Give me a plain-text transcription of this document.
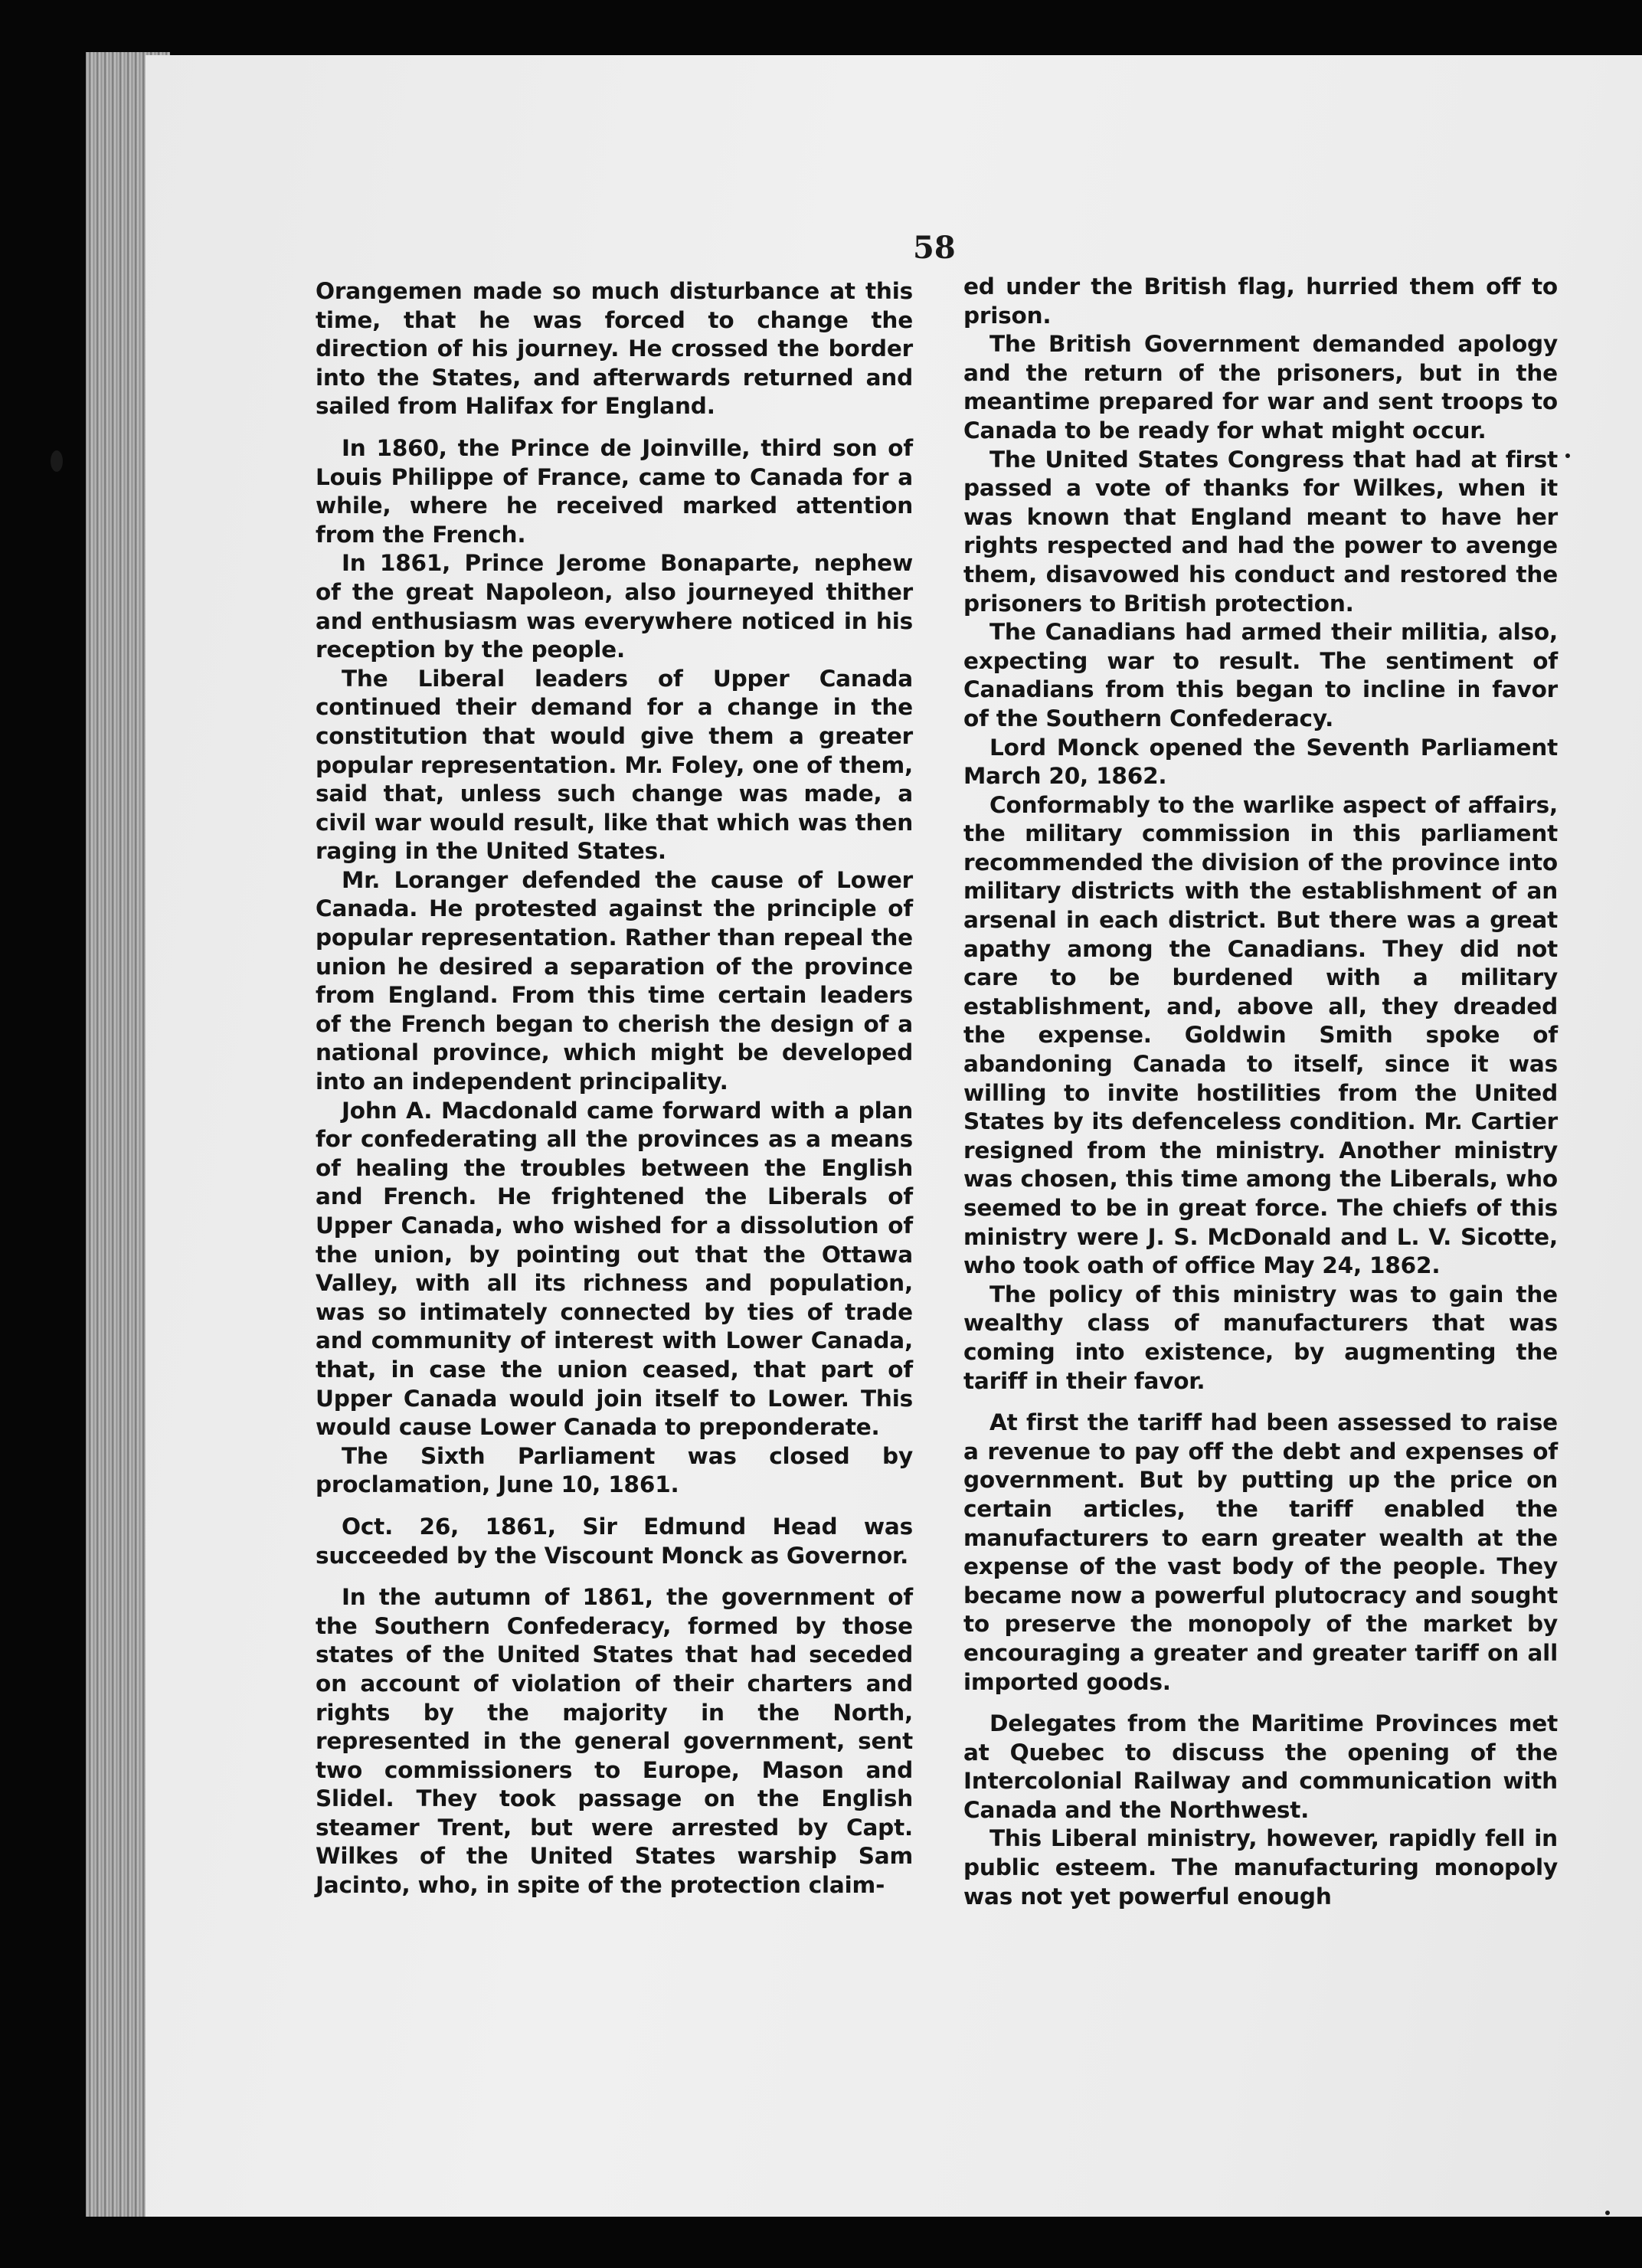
58

Orangemen made so much disturbance at this time, that he was forced to change the direction of his journey. He crossed the border into the States, and afterwards returned and sailed from Halifax for England.

In 1860, the Prince de Joinville, third son of Louis Philippe of France, came to Canada for a while, where he received marked attention from the French.

In 1861, Prince Jerome Bonaparte, nephew of the great Napoleon, also journeyed thither and enthusiasm was everywhere noticed in his reception by the people.

The Liberal leaders of Upper Canada continued their demand for a change in the constitution that would give them a greater popular representation. Mr. Foley, one of them, said that, unless such change was made, a civil war would result, like that which was then raging in the United States.

Mr. Loranger defended the cause of Lower Canada. He protested against the principle of popular representation. Rather than repeal the union he desired a separation of the province from England. From this time certain leaders of the French began to cherish the design of a national province, which might be developed into an independent principality.

John A. Macdonald came forward with a plan for confederating all the provinces as a means of healing the troubles between the English and French. He frightened the Liberals of Upper Canada, who wished for a dissolution of the union, by pointing out that the Ottawa Valley, with all its richness and population, was so intimately connected by ties of trade and community of interest with Lower Canada, that, in case the union ceased, that part of Upper Canada would join itself to Lower. This would cause Lower Canada to preponderate.

The Sixth Parliament was closed by proclamation, June 10, 1861.

Oct. 26, 1861, Sir Edmund Head was succeeded by the Viscount Monck as Governor.

In the autumn of 1861, the government of the Southern Confederacy, formed by those states of the United States that had seceded on account of violation of their charters and rights by the majority in the North, represented in the general government, sent two commissioners to Europe, Mason and Slidel. They took passage on the English steamer Trent, but were arrested by Capt. Wilkes of the United States warship Sam Jacinto, who, in spite of the protection claim-

ed under the British flag, hurried them off to prison.

The British Government demanded apology and the return of the prisoners, but in the meantime prepared for war and sent troops to Canada to be ready for what might occur.

The United States Congress that had at first passed a vote of thanks for Wilkes, when it was known that England meant to have her rights respected and had the power to avenge them, disavowed his conduct and restored the prisoners to British protection.

The Canadians had armed their militia, also, expecting war to result. The sentiment of Canadians from this began to incline in favor of the Southern Confederacy.

Lord Monck opened the Seventh Parliament March 20, 1862.

Conformably to the warlike aspect of affairs, the military commission in this parliament recommended the division of the province into military districts with the establishment of an arsenal in each district. But there was a great apathy among the Canadians. They did not care to be burdened with a military establishment, and, above all, they dreaded the expense. Goldwin Smith spoke of abandoning Canada to itself, since it was willing to invite hostilities from the United States by its defenceless condition. Mr. Cartier resigned from the ministry. Another ministry was chosen, this time among the Liberals, who seemed to be in great force. The chiefs of this ministry were J. S. McDonald and L. V. Sicotte, who took oath of office May 24, 1862.

The policy of this ministry was to gain the wealthy class of manufacturers that was coming into existence, by augmenting the tariff in their favor.

At first the tariff had been assessed to raise a revenue to pay off the debt and expenses of government. But by putting up the price on certain articles, the tariff enabled the manufacturers to earn greater wealth at the expense of the vast body of the people. They became now a powerful plutocracy and sought to preserve the monopoly of the market by encouraging a greater and greater tariff on all imported goods.

Delegates from the Maritime Provinces met at Quebec to discuss the opening of the Intercolonial Railway and communication with Canada and the Northwest.

This Liberal ministry, however, rapidly fell in public esteem. The manufacturing monopoly was not yet powerful enough
